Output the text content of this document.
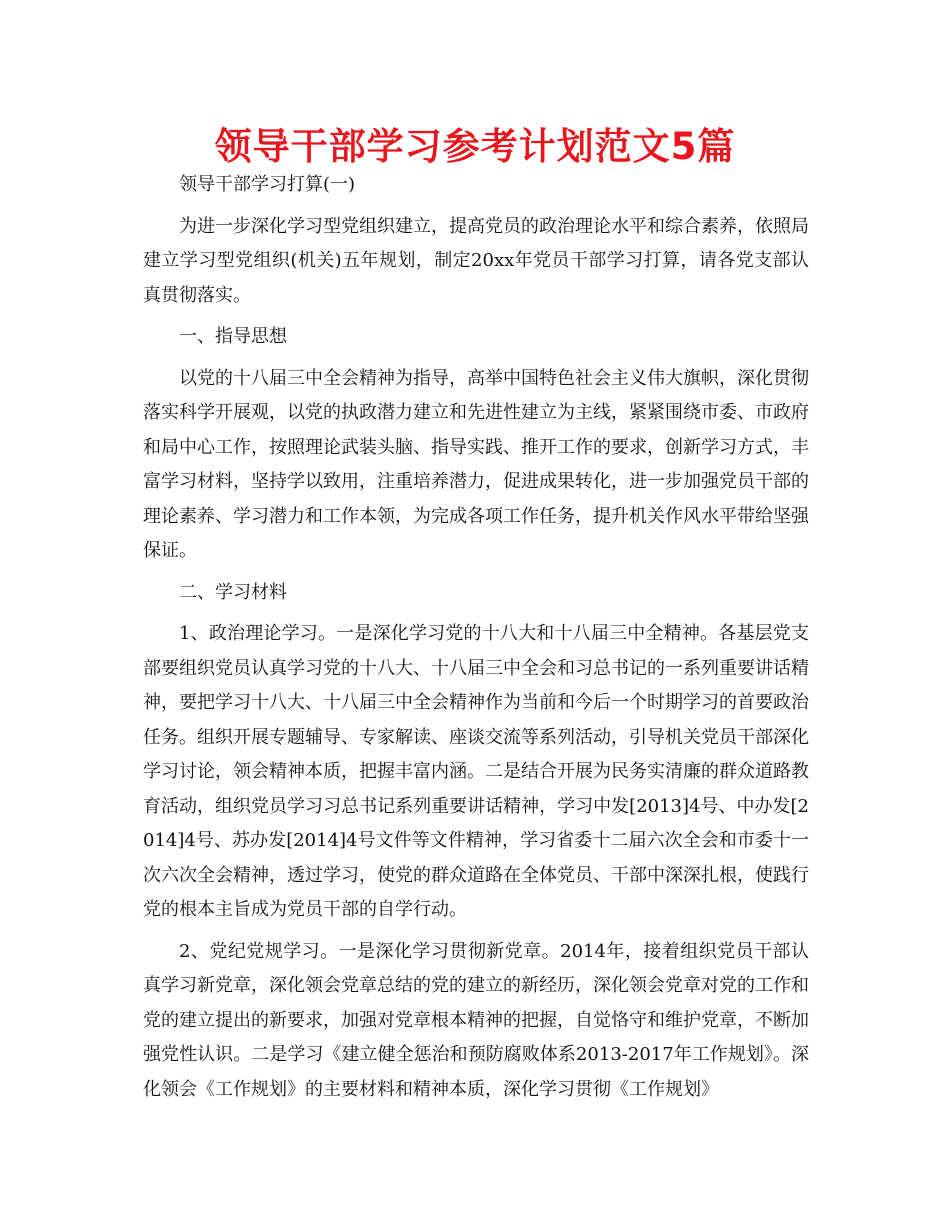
领导干部学习参考计划范文5篇

领导干部学习打算(一)

为进一步深化学习型党组织建立，提高党员的政治理论水平和综合素养，依照局建立学习型党组织(机关)五年规划，制定20xx年党员干部学习打算，请各党支部认真贯彻落实。

一、指导思想

以党的十八届三中全会精神为指导，高举中国特色社会主义伟大旗帜，深化贯彻落实科学开展观，以党的执政潜力建立和先进性建立为主线，紧紧围绕市委、市政府和局中心工作，按照理论武装头脑、指导实践、推开工作的要求，创新学习方式，丰富学习材料，坚持学以致用，注重培养潜力，促进成果转化，进一步加强党员干部的理论素养、学习潜力和工作本领，为完成各项工作任务，提升机关作风水平带给坚强保证。

二、学习材料

1、政治理论学习。一是深化学习党的十八大和十八届三中全精神。各基层党支部要组织党员认真学习党的十八大、十八届三中全会和习总书记的一系列重要讲话精神，要把学习十八大、十八届三中全会精神作为当前和今后一个时期学习的首要政治任务。组织开展专题辅导、专家解读、座谈交流等系列活动，引导机关党员干部深化学习讨论，领会精神本质，把握丰富内涵。二是结合开展为民务实清廉的群众道路教育活动，组织党员学习习总书记系列重要讲话精神，学习中发[2013]4号、中办发[2014]4号、苏办发[2014]4号文件等文件精神，学习省委十二届六次全会和市委十一次六次全会精神，透过学习，使党的群众道路在全体党员、干部中深深扎根，使践行党的根本主旨成为党员干部的自学行动。

2、党纪党规学习。一是深化学习贯彻新党章。2014年，接着组织党员干部认真学习新党章，深化领会党章总结的党的建立的新经历，深化领会党章对党的工作和党的建立提出的新要求，加强对党章根本精神的把握，自觉恪守和维护党章，不断加强党性认识。二是学习《建立健全惩治和预防腐败体系2013-2017年工作规划》。深化领会《工作规划》的主要材料和精神本质，深化学习贯彻《工作规划》
